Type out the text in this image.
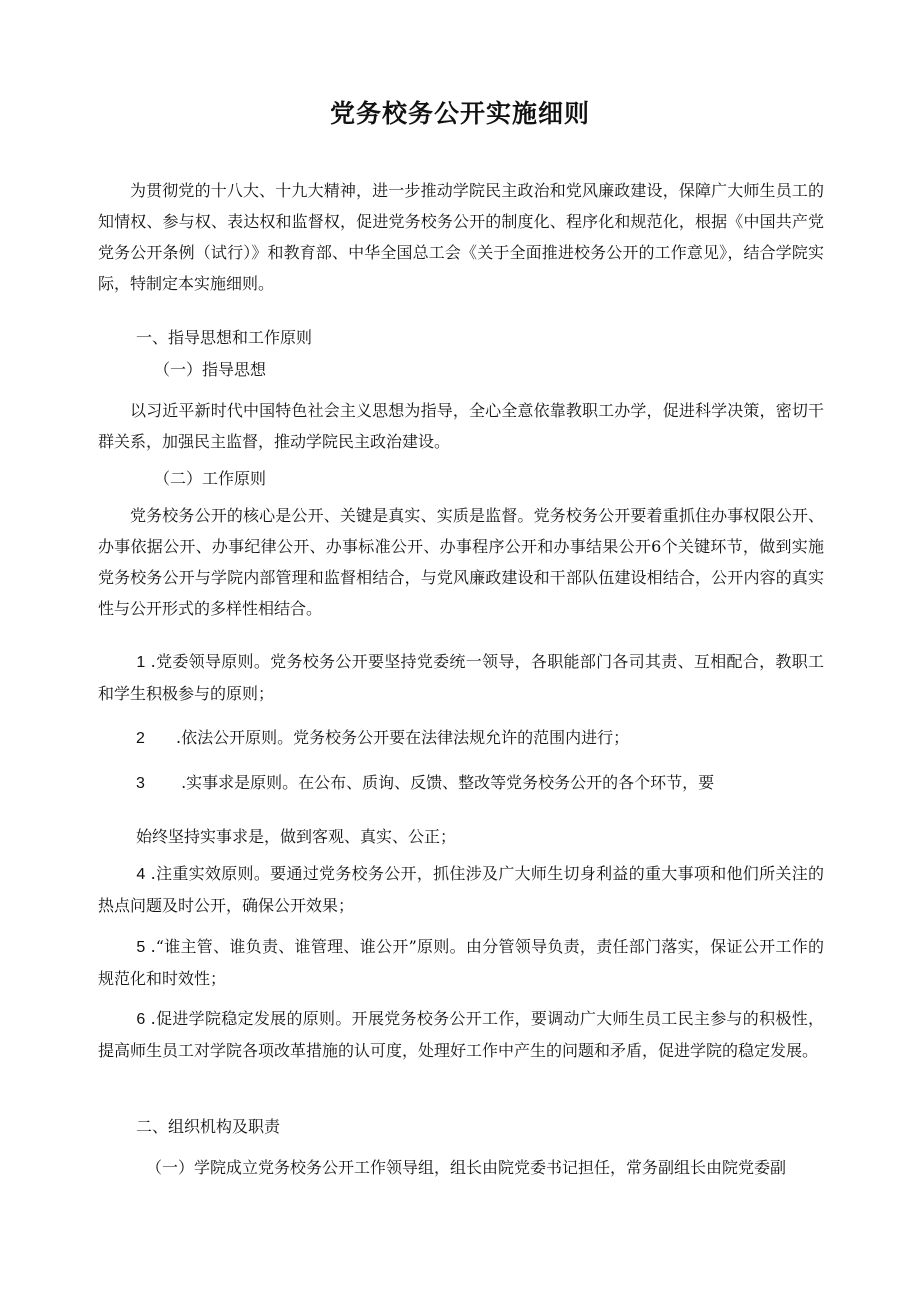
党务校务公开实施细则

为贯彻党的十八大、十九大精神，进一步推动学院民主政治和党风廉政建设，保障广大师生员工的知情权、参与权、表达权和监督权，促进党务校务公开的制度化、程序化和规范化，根据《中国共产党党务公开条例（试行）》和教育部、中华全国总工会《关于全面推进校务公开的工作意见》，结合学院实际，特制定本实施细则。

一、指导思想和工作原则

（一）指导思想

以习近平新时代中国特色社会主义思想为指导，全心全意依靠教职工办学，促进科学决策，密切干群关系，加强民主监督，推动学院民主政治建设。

（二）工作原则

党务校务公开的核心是公开、关键是真实、实质是监督。党务校务公开要着重抓住办事权限公开、办事依据公开、办事纪律公开、办事标准公开、办事程序公开和办事结果公开6个关键环节，做到实施党务校务公开与学院内部管理和监督相结合，与党风廉政建设和干部队伍建设相结合，公开内容的真实性与公开形式的多样性相结合。

1 .党委领导原则。党务校务公开要坚持党委统一领导，各职能部门各司其责、互相配合，教职工和学生积极参与的原则；

2 .依法公开原则。党务校务公开要在法律法规允许的范围内进行；

3 .实事求是原则。在公布、质询、反馈、整改等党务校务公开的各个环节，要

始终坚持实事求是，做到客观、真实、公正；

4 .注重实效原则。要通过党务校务公开，抓住涉及广大师生切身利益的重大事项和他们所关注的热点问题及时公开，确保公开效果；

5 .“谁主管、谁负责、谁管理、谁公开”原则。由分管领导负责，责任部门落实，保证公开工作的规范化和时效性；

6 .促进学院稳定发展的原则。开展党务校务公开工作，要调动广大师生员工民主参与的积极性，提高师生员工对学院各项改革措施的认可度，处理好工作中产生的问题和矛盾，促进学院的稳定发展。

二、组织机构及职责

（一）学院成立党务校务公开工作领导组，组长由院党委书记担任，常务副组长由院党委副
